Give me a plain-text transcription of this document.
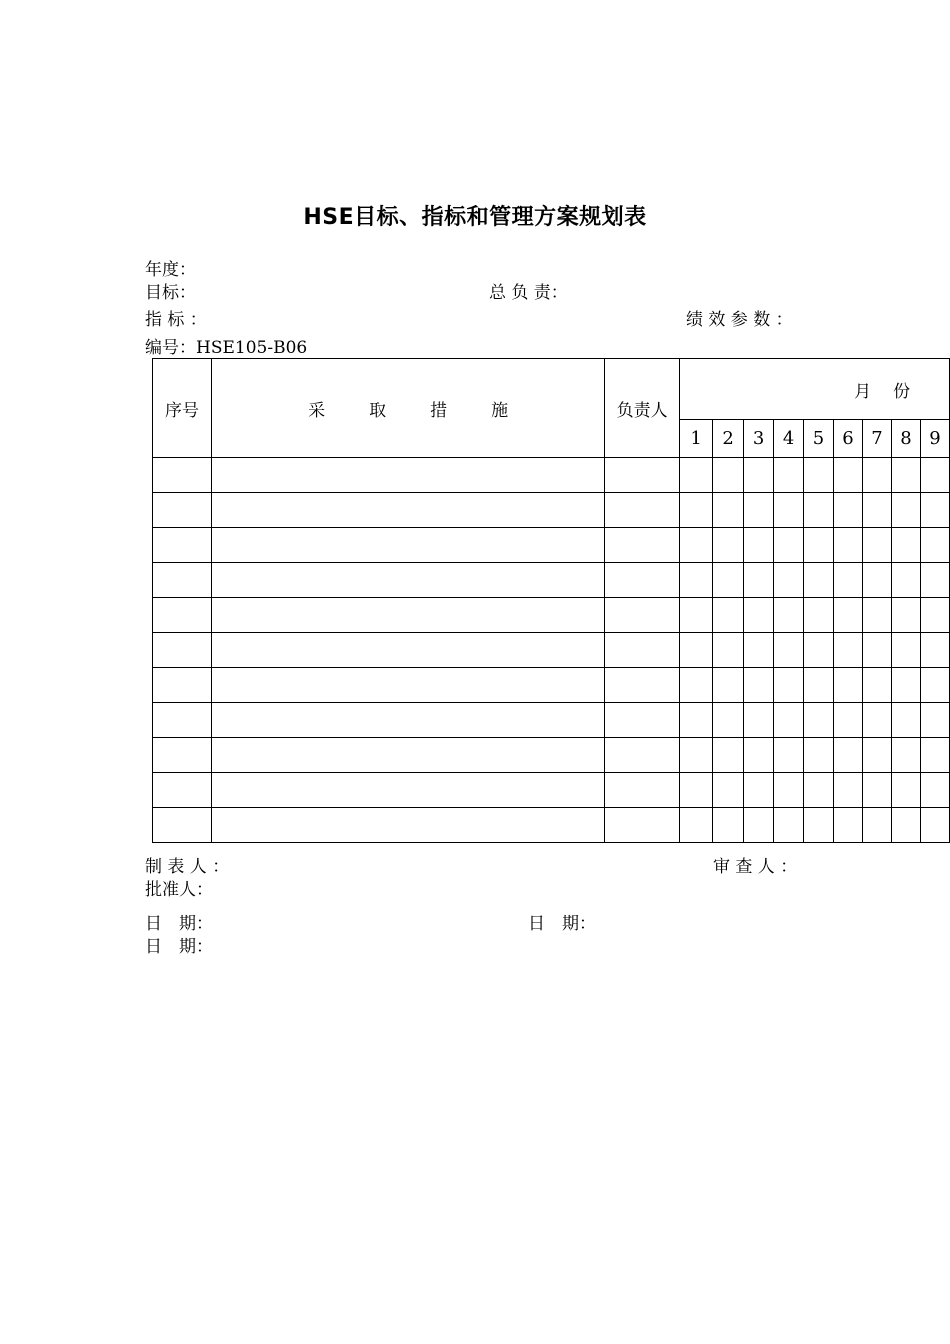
HSE目标、指标和管理方案规划表
年度：
目标：	总 负 责：
指 标 ：	绩 效 参 数 ：
编号：HSE105-B06
序号	采取措施	负责人	月份								
			1	2	3	4	5	6	7	8	9

制 表 人 ：	审 查 人 ：
批准人：
日　期：	日　期：
日　期：
